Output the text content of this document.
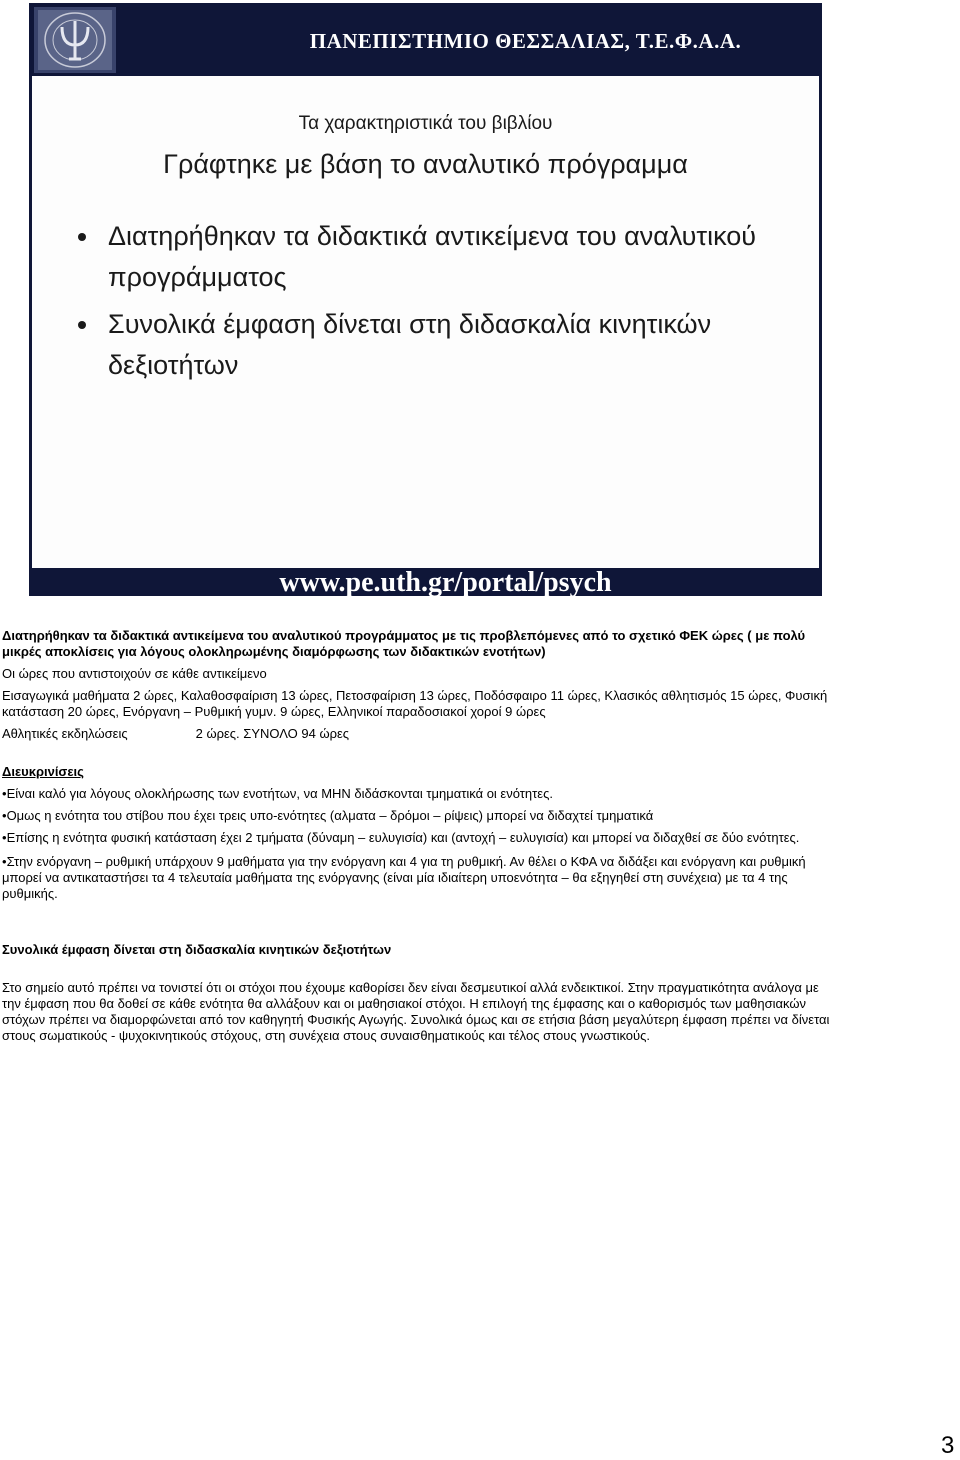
ΠΑΝΕΠΙΣΤΗΜΙΟ ΘΕΣΣΑΛΙΑΣ, Τ.Ε.Φ.Α.Α.
Τα χαρακτηριστικά του βιβλίου
Γράφτηκε με βάση το αναλυτικό πρόγραμμα
Διατηρήθηκαν τα διδακτικά αντικείμενα του αναλυτικού προγράμματος
Συνολικά έμφαση δίνεται στη διδασκαλία κινητικών δεξιοτήτων
www.pe.uth.gr/portal/psych

Διατηρήθηκαν τα διδακτικά αντικείμενα του αναλυτικού προγράμματος με τις προβλεπόμενες από το σχετικό ΦΕΚ ώρες ( με πολύ μικρές αποκλίσεις για λόγους ολοκληρωμένης διαμόρφωσης των διδακτικών ενοτήτων)

Οι ώρες που αντιστοιχούν σε κάθε αντικείμενο

Εισαγωγικά μαθήματα 2 ώρες, Καλαθοσφαίριση 13 ώρες, Πετοσφαίριση 13 ώρες, Ποδόσφαιρο 11 ώρες, Κλασικός αθλητισμός 15 ώρες, Φυσική κατάσταση 20 ώρες, Ενόργανη – Ρυθμική γυμν. 9 ώρες, Ελληνικοί παραδοσιακοί χοροί 9 ώρες

Αθλητικές εκδηλώσεις	2 ώρες. ΣΥΝΟΛΟ 94 ώρες

Διευκρινίσεις

• Είναι καλό για λόγους ολοκλήρωσης των ενοτήτων, να ΜΗΝ διδάσκονται τμηματικά οι ενότητες.

• Ομως η ενότητα του στίβου που έχει τρεις υπο-ενότητες (αλματα – δρόμοι – ρίψεις) μπορεί να διδαχτεί τμηματικά

• Επίσης η ενότητα φυσική κατάσταση έχει 2 τμήματα (δύναμη – ευλυγισία) και (αντοχή – ευλυγισία) και μπορεί να διδαχθεί σε δύο ενότητες.

• Στην ενόργανη – ρυθμική υπάρχουν 9 μαθήματα για την ενόργανη και 4 για τη ρυθμική. Αν θέλει ο ΚΦΑ να διδάξει και ενόργανη και ρυθμική μπορεί να αντικαταστήσει τα 4 τελευταία μαθήματα της ενόργανης (είναι μία ιδιαίτερη υποενότητα – θα εξηγηθεί στη συνέχεια) με τα 4 της ρυθμικής.

Συνολικά έμφαση δίνεται στη διδασκαλία κινητικών δεξιοτήτων

Στο σημείο αυτό πρέπει να τονιστεί ότι οι στόχοι που έχουμε καθορίσει δεν είναι δεσμευτικοί αλλά ενδεικτικοί. Στην πραγματικότητα ανάλογα με την έμφαση που θα δοθεί σε κάθε ενότητα θα αλλάξουν και οι μαθησιακοί στόχοι. Η επιλογή της έμφασης και ο καθορισμός των μαθησιακών στόχων πρέπει να διαμορφώνεται από τον καθηγητή Φυσικής Αγωγής. Συνολικά όμως και σε ετήσια βάση μεγαλύτερη έμφαση πρέπει να δίνεται στους σωματικούς - ψυχοκινητικούς στόχους, στη συνέχεια στους συναισθηματικούς και τέλος στους γνωστικούς.

3
